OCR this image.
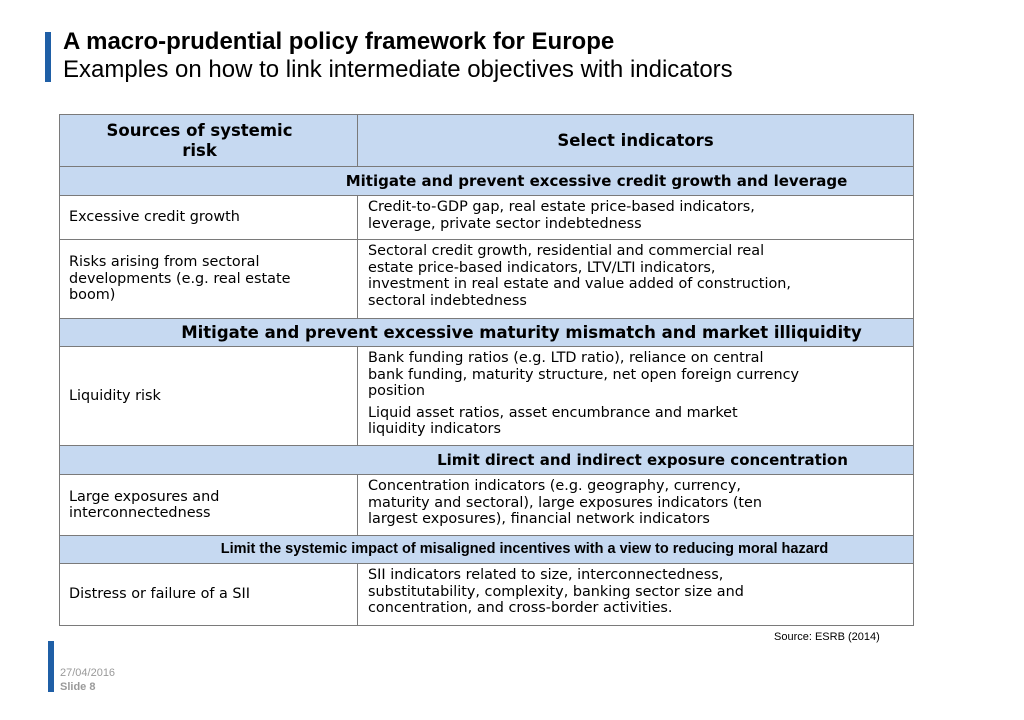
A macro-prudential policy framework for Europe
Examples on how to link intermediate objectives with indicators
Sources of systemic
risk
Select indicators
Mitigate and prevent excessive credit growth and leverage
Excessive credit growth
Credit-to-GDP gap, real estate price-based indicators,
leverage, private sector indebtedness
Risks arising from sectoral
developments (e.g. real estate
boom)
Sectoral credit growth, residential and commercial real
estate price-based indicators, LTV/LTI indicators,
investment in real estate and value added of construction,
sectoral indebtedness
Mitigate and prevent excessive maturity mismatch and market illiquidity
Liquidity risk
Bank funding ratios (e.g. LTD ratio), reliance on central
bank funding, maturity structure, net open foreign currency
position
Liquid asset ratios, asset encumbrance and market
liquidity indicators
Limit direct and indirect exposure concentration
Large exposures and
interconnectedness
Concentration indicators (e.g. geography, currency,
maturity and sectoral), large exposures indicators (ten
largest exposures), financial network indicators
Limit the systemic impact of misaligned incentives with a view to reducing moral hazard
Distress or failure of a SII
SII indicators related to size, interconnectedness,
substitutability, complexity, banking sector size and
concentration, and cross-border activities.
Source: ESRB (2014)
27/04/2016
Slide 8
